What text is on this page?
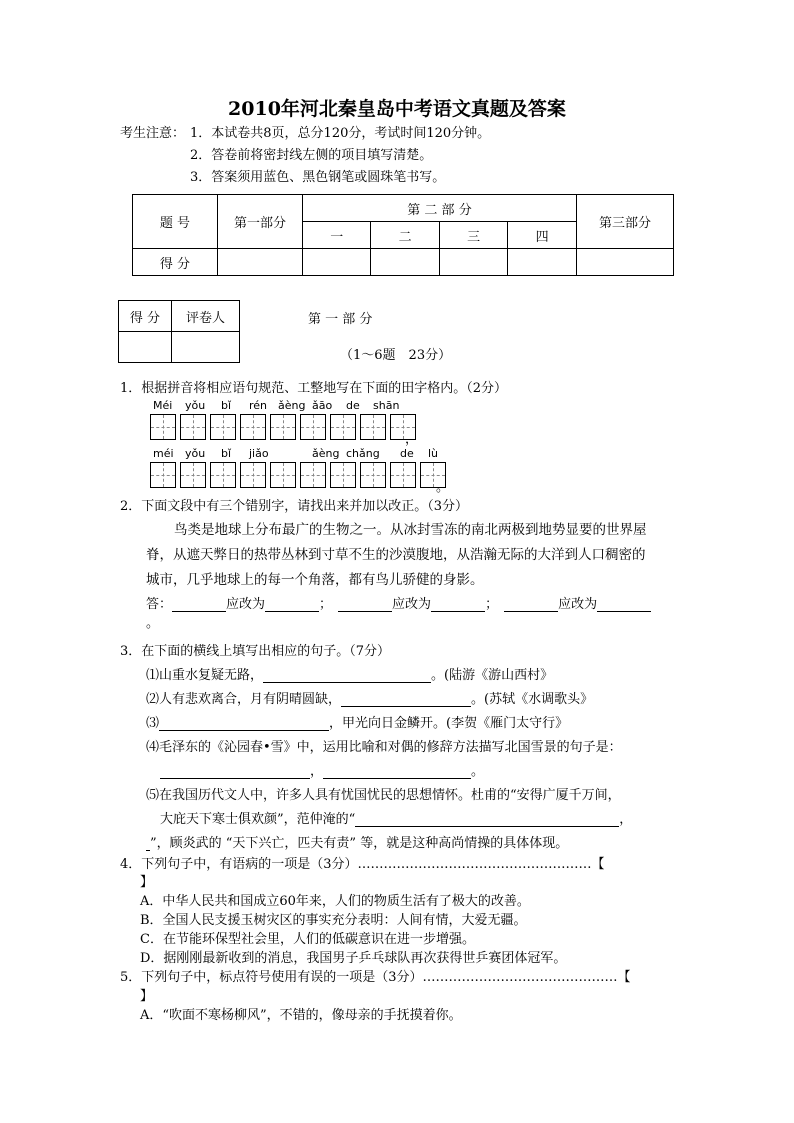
2010年河北秦皇岛中考语文真题及答案
考生注意： 1．本试卷共8页，总分120分，考试时间120分钟。
2．答卷前将密封线左侧的项目填写清楚。
3．答案须用蓝色、黑色钢笔或圆珠笔书写。
题 号	第一部分	第 二 部 分				第三部分
		一	二	三	四	
得 分						
得 分	评卷人
		第 一 部 分
（1～6题　23分）
1．根据拼音将相应语句规范、工整地写在下面的田字格内。（2分）
Méi yǒu bǐ rén ǎèng ǎāo de shān
，
méi yǒu bǐ jiǎo	ǎèng chǎng de lù
。
2．下面文段中有三个错别字，请找出来并加以改正。（3分）
鸟类是地球上分布最广的生物之一。从冰封雪冻的南北两极到地势显要的世界屋
脊，从遮天弊日的热带丛林到寸草不生的沙漠腹地，从浩瀚无际的大洋到人口稠密的
城市，几乎地球上的每一个角落，都有鸟儿骄健的身影。
答：	应改为	；	应改为	；	应改为
。
3．在下面的横线上填写出相应的句子。（7分）
⑴山重水复疑无路，	。(陆游《游山西村》
⑵人有悲欢离合，月有阴晴圆缺，	。(苏轼《水调歌头》
⑶	，甲光向日金鳞开。(李贺《雁门太守行》
⑷毛泽东的《沁园春•雪》中，运用比喻和对偶的修辞方法描写北国雪景的句子是：
，	。
⑸在我国历代文人中，许多人具有忧国忧民的思想情怀。杜甫的“安得广厦千万间，
大庇天下寒士俱欢颜”，范仲淹的“	，
”，顾炎武的 “天下兴亡，匹夫有责” 等，就是这种高尚情操的具体体现。
4．下列句子中，有语病的一项是（3分）………………………………………………【
】
A．中华人民共和国成立60年来，人们的物质生活有了极大的改善。
B．全国人民支援玉树灾区的事实充分表明：人间有情，大爱无疆。
C．在节能环保型社会里，人们的低碳意识在进一步增强。
D．据刚刚最新收到的消息，我国男子乒乓球队再次获得世乒赛团体冠军。
5．下列句子中，标点符号使用有误的一项是（3分）………………………………………【
】
A．“吹面不寒杨柳风”，不错的，像母亲的手抚摸着你。
